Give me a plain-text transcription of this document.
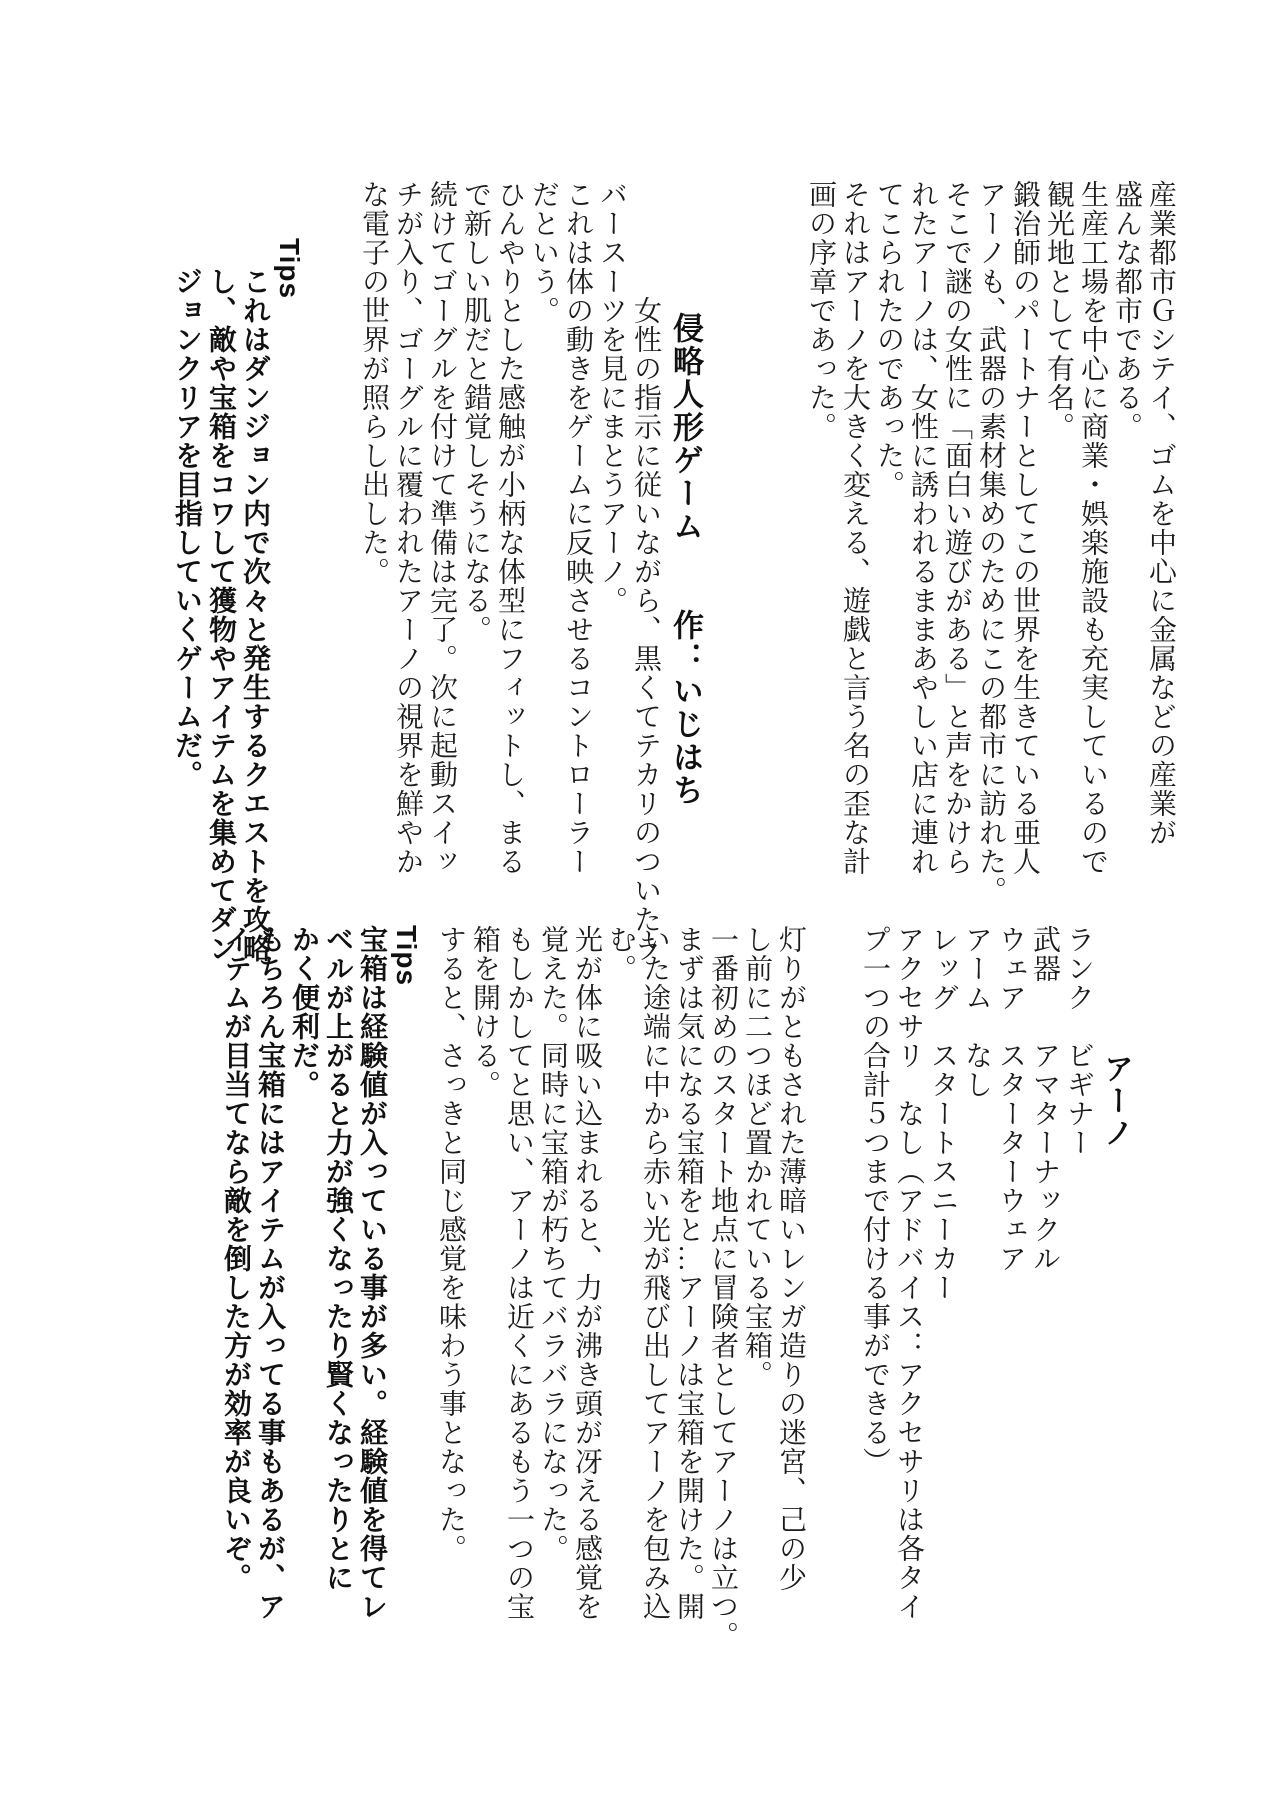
産業都市Ｇシテイ、ゴムを中心に金属などの産業が

盛んな都市である。

生産工場を中心に商業・娯楽施設も充実しているので

観光地として有名。

鍛治師のパートナーとしてこの世界を生きている亜人

アーノも、武器の素材集めのためにこの都市に訪れた。

そこで謎の女性に「面白い遊びがある」と声をかけら

れたアーノは、女性に誘われるままあやしい店に連れ

てこられたのであった。

それはアーノを大きく変える、遊戯と言う名の歪な計

画の序章であった。

　　　　侵略人形ゲーム　　作：いじはち

　　　　女性の指示に従いながら、黒くてテカリのついたラ

バースーツを見にまとうアーノ。

これは体の動きをゲームに反映させるコントローラー

だという。

ひんやりとした感触が小柄な体型にフィットし、まる

で新しい肌だと錯覚しそうになる。

続けてゴーグルを付けて準備は完了。次に起動スイッ

チが入り、ゴーグルに覆われたアーノの視界を鮮やか

な電子の世界が照らし出した。

　　Tips

　　　これはダンジョン内で次々と発生するクエストを攻略

　　　し、敵や宝箱をコワして獲物やアイテムを集めてダン

　　　ジョンクリアを目指していくゲームだ。

　　　　アーノ

ランク　ビギナー

武器　　アマターナックル

ウェア　スターターウェア

アーム　なし

レッグ　スタートスニーカー

アクセサリ　なし（アドバイス：アクセサリは各タイ

プ一つの合計５つまで付ける事ができる）

灯りがともされた薄暗いレンガ造りの迷宮、己の少

し前に二つほど置かれている宝箱。

一番初めのスタート地点に冒険者としてアーノは立つ。

まずは気になる宝箱をと…アーノは宝箱を開けた。開

いた途端に中から赤い光が飛び出してアーノを包み込

む。

光が体に吸い込まれると、力が沸き頭が冴える感覚を

覚えた。同時に宝箱が朽ちてバラバラになった。

もしかしてと思い、アーノは近くにあるもう一つの宝

箱を開ける。

すると、さっきと同じ感覚を味わう事となった。

Tips

宝箱は経験値が入っている事が多い。経験値を得てレ

ベルが上がると力が強くなったり賢くなったりとに

かく便利だ。

もちろん宝箱にはアイテムが入ってる事もあるが、ア

イテムが目当てなら敵を倒した方が効率が良いぞ。
